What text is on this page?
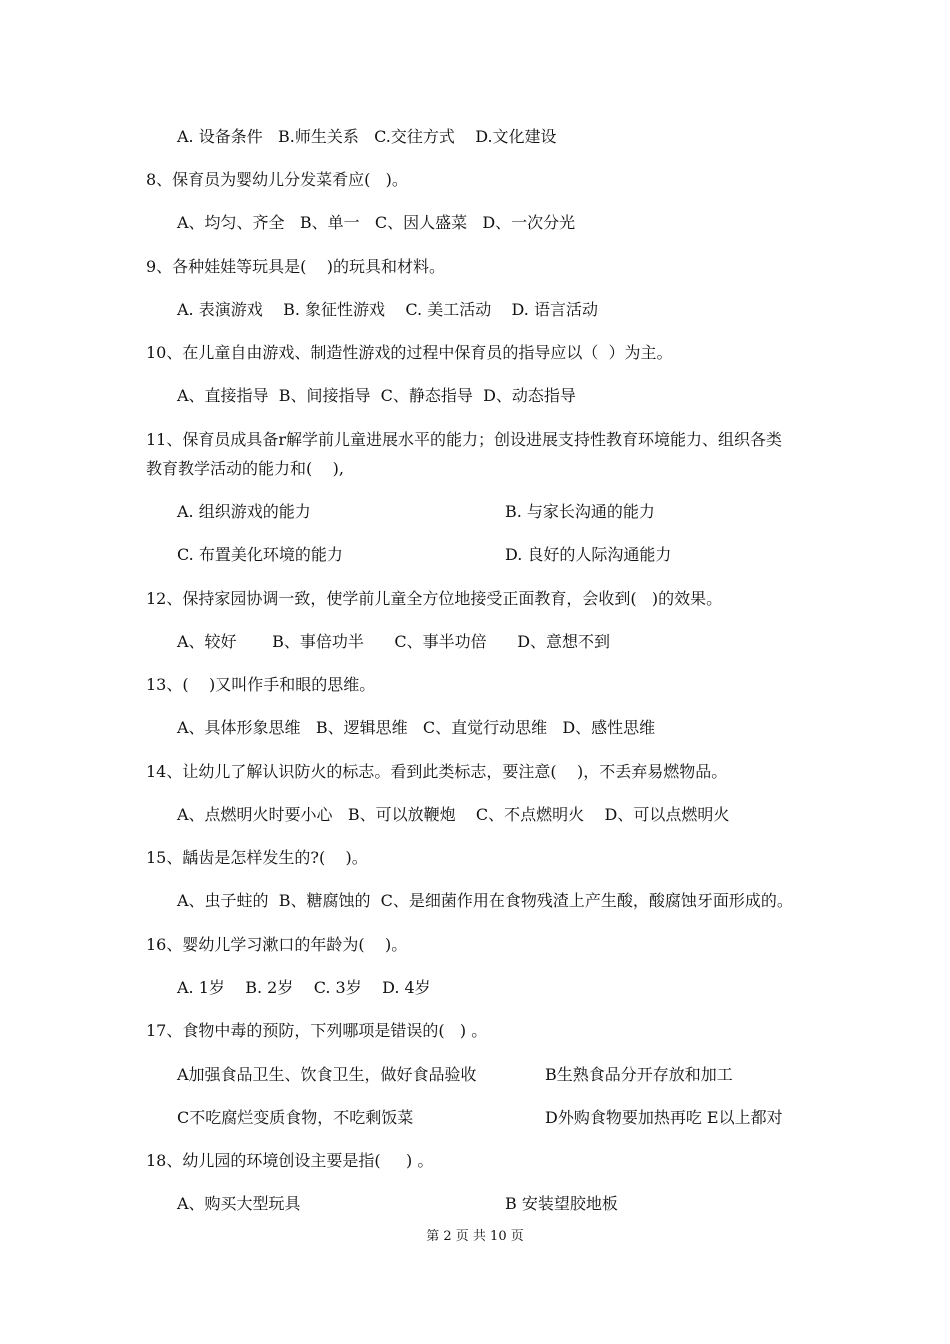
A. 设备条件   B.师生关系   C.交往方式    D.文化建设
8、保育员为婴幼儿分发菜肴应(   )。
A、均匀、齐全   B、单一   C、因人盛菜   D、一次分光
9、各种娃娃等玩具是(    )的玩具和材料。
A. 表演游戏    B. 象征性游戏    C. 美工活动    D. 语言活动
10、在儿童自由游戏、制造性游戏的过程中保育员的指导应以（  ）为主。
A、直接指导  B、间接指导  C、静态指导  D、动态指导
11、保育员成具备r解学前儿童进展水平的能力；创设进展支持性教育环境能力、组织各类
教育教学活动的能力和(    ),
A. 组织游戏的能力	B. 与家长沟通的能力
C. 布置美化环境的能力	D. 良好的人际沟通能力
12、保持家园协调一致，使学前儿童全方位地接受正面教育，会收到(   )的效果。
A、较好       B、事倍功半      C、事半功倍      D、意想不到
13、(    )又叫作手和眼的思维。
A、具体形象思维   B、逻辑思维   C、直觉行动思维   D、感性思维
14、让幼儿了解认识防火的标志。看到此类标志，要注意(    )，不丢弃易燃物品。
A、点燃明火时要小心   B、可以放鞭炮    C、不点燃明火    D、可以点燃明火
15、龋齿是怎样发生的?(    )。
A、虫子蛀的  B、糖腐蚀的  C、是细菌作用在食物残渣上产生酸，酸腐蚀牙面形成的。
16、婴幼儿学习漱口的年龄为(    )。
A. 1岁    B. 2岁    C. 3岁    D. 4岁
17、食物中毒的预防，下列哪项是错误的(   ) 。
A加强食品卫生、饮食卫生，做好食品验收	B生熟食品分开存放和加工
C不吃腐烂变质食物，不吃剩饭菜	D外购食物要加热再吃 E以上都对
18、幼儿园的环境创设主要是指(     ) 。
A、购买大型玩具	B 安装望胶地板
第 2 页 共 10 页
